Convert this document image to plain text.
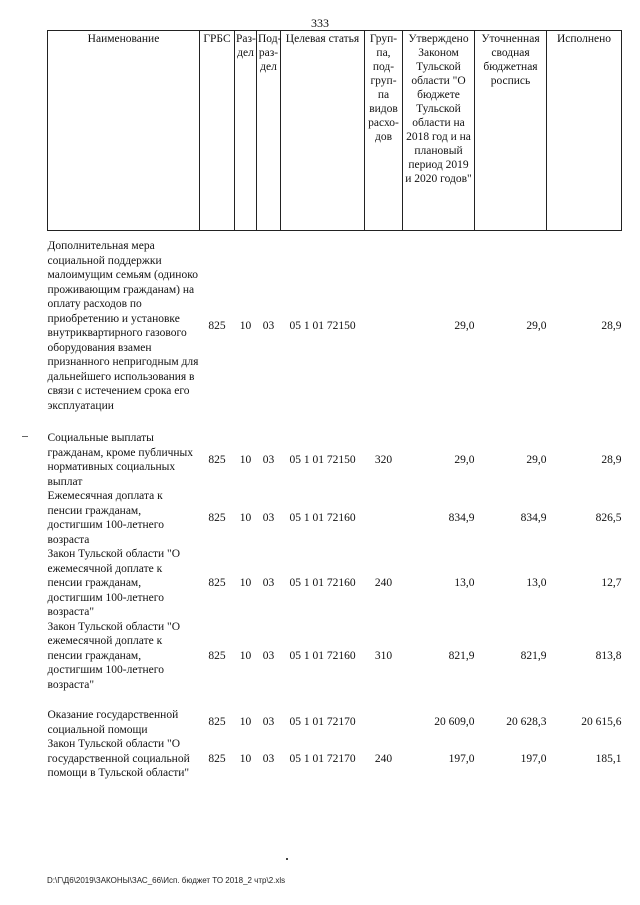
333
Наименование	ГРБС	Раз-дел	Под-раз-дел	Целевая статья	Груп-па, под-груп-па видов расхо-дов	Утверждено Законом Тульской области "О бюджете Тульской области на 2018 год и на плановый период 2019 и 2020 годов"	Уточненная сводная бюджетная роспись	Исполнено

Дополнительная мера социальной поддержки малоимущим семьям (одиноко проживающим гражданам) на оплату расходов по приобретению и установке внутриквартирного газового оборудования взамен признанного непригодным для дальнейшего использования в связи с истечением срока его эксплуатации	825	10	03	05 1 01 72150		29,0	29,0	28,9

Социальные выплаты гражданам, кроме публичных нормативных социальных выплат	825	10	03	05 1 01 72150	320	29,0	29,0	28,9
Ежемесячная доплата к пенсии гражданам, достигшим 100-летнего возраста	825	10	03	05 1 01 72160		834,9	834,9	826,5
Закон Тульской области "О ежемесячной доплате к пенсии гражданам, достигшим 100-летнего возраста"	825	10	03	05 1 01 72160	240	13,0	13,0	12,7
Закон Тульской области "О ежемесячной доплате к пенсии гражданам, достигшим 100-летнего возраста"	825	10	03	05 1 01 72160	310	821,9	821,9	813,8

Оказание государственной социальной помощи	825	10	03	05 1 01 72170		20 609,0	20 628,3	20 615,6
Закон Тульской области "О государственной социальной помощи в Тульской области"	825	10	03	05 1 01 72170	240	197,0	197,0	185,1
D:\Г\Д6\2019\ЗАКОНЫ\ЗАС_66\Исп. бюджет ТО 2018_2 чтр\2.xls
